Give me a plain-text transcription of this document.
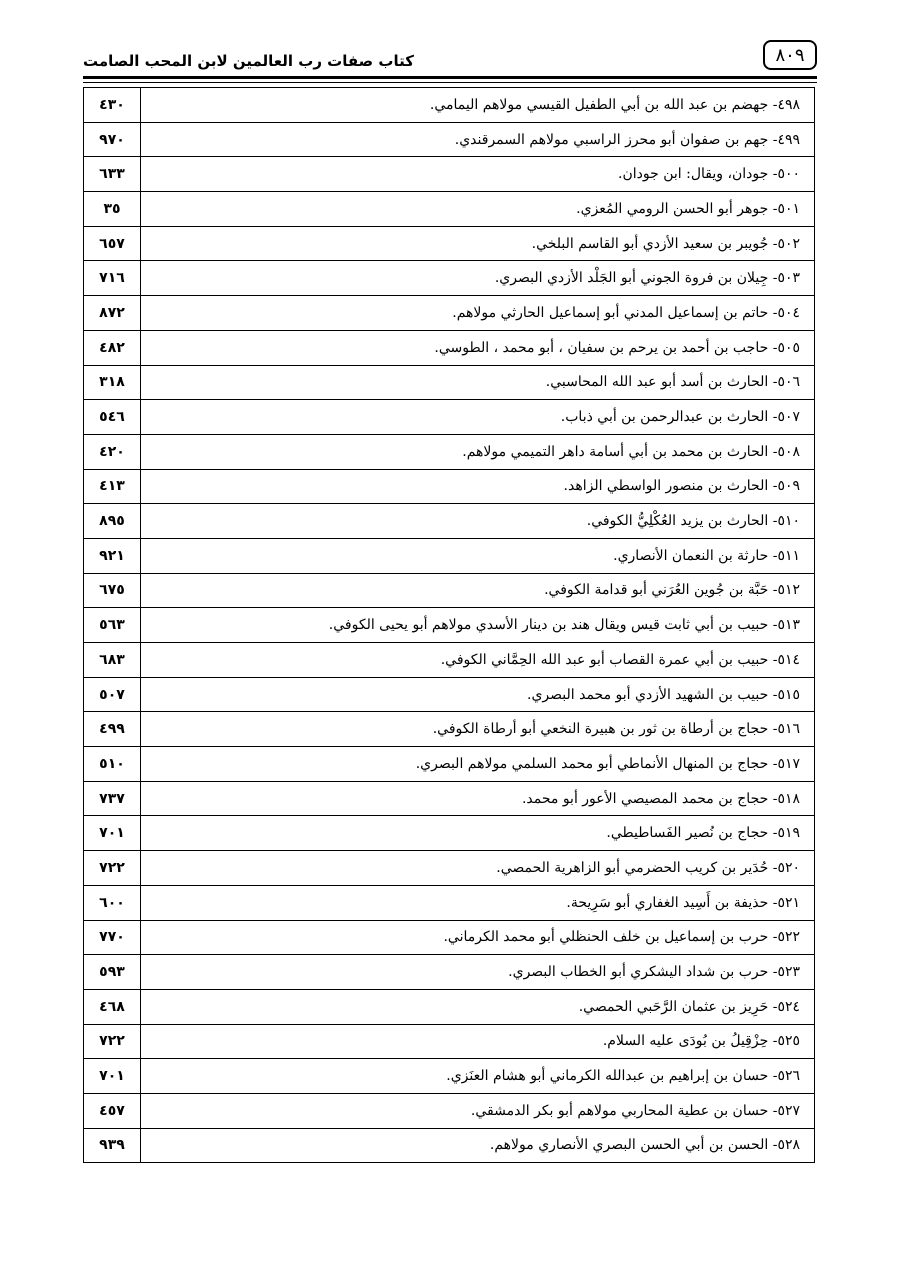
كتاب صفات رب العالمين لابن المحب الصامت	٨٠٩
٤٣٠	٤٩٨- جهضم بن عبد الله بن أبي الطفيل القيسي مولاهم اليمامي.
٩٧٠	٤٩٩- جهم بن صفوان أبو محرز الراسبي مولاهم السمرقندي.
٦٣٣	٥٠٠- جودان، ويقال: ابن جودان.
٣٥	٥٠١- جوهر أبو الحسن الرومي المُعزي.
٦٥٧	٥٠٢- جُويبر بن سعيد الأزدي أبو القاسم البلخي.
٧١٦	٥٠٣- جِيلان بن فروة الجوني أبو الجَلْد الأزدي البصري.
٨٧٢	٥٠٤- حاتم بن إسماعيل المدني أبو إسماعيل الحارثي مولاهم.
٤٨٢	٥٠٥- حاجب بن أحمد بن يرحم بن سفيان ، أبو محمد ، الطوسي.
٣١٨	٥٠٦- الحارث بن أسد أبو عبد الله المحاسبي.
٥٤٦	٥٠٧- الحارث بن عبدالرحمن بن أبي ذباب.
٤٢٠	٥٠٨- الحارث بن محمد بن أبي أسامة داهر التميمي مولاهم.
٤١٣	٥٠٩- الحارث بن منصور الواسطي الزاهد.
٨٩٥	٥١٠- الحارث بن يزيد العُكْلِيُّ الكوفي.
٩٢١	٥١١- حارثة بن النعمان الأنصاري.
٦٧٥	٥١٢- حَبَّة بن جُوين العُرَني أبو قدامة الكوفي.
٥٦٣	٥١٣- حبيب بن أبي ثابت قيس ويقال هند بن دينار الأسدي مولاهم أبو يحيى الكوفي.
٦٨٣	٥١٤- حبيب بن أبي عمرة القصاب أبو عبد الله الحِمَّاني الكوفي.
٥٠٧	٥١٥- حبيب بن الشهيد الأزدي أبو محمد البصري.
٤٩٩	٥١٦- حجاج بن أرطاة بن ثور بن هبيرة النخعي أبو أرطاة الكوفي.
٥١٠	٥١٧- حجاج بن المنهال الأنماطي أبو محمد السلمي مولاهم البصري.
٧٣٧	٥١٨- حجاج بن محمد المصيصي الأعور أبو محمد.
٧٠١	٥١٩- حجاج بن نُصير الفَساطيطي.
٧٢٢	٥٢٠- حُدَير بن كريب الحضرمي أبو الزاهرية الحمصي.
٦٠٠	٥٢١- حذيفة بن أَسِيد الغفاري أبو سَرِيحة.
٧٧٠	٥٢٢- حرب بن إسماعيل بن خلف الحنظلي أبو محمد الكرماني.
٥٩٣	٥٢٣- حرب بن شداد اليشكري أبو الخطاب البصري.
٤٦٨	٥٢٤- حَرِيز بن عثمان الرَّحَبي الحمصي.
٧٢٢	٥٢٥- حِزْقِيلُ بن بُودَى عليه السلام.
٧٠١	٥٢٦- حسان بن إبراهيم بن عبدالله الكرماني أبو هشام العنَزي.
٤٥٧	٥٢٧- حسان بن عطية المحاربي مولاهم أبو بكر الدمشقي.
٩٣٩	٥٢٨- الحسن بن أبي الحسن البصري الأنصاري مولاهم.
